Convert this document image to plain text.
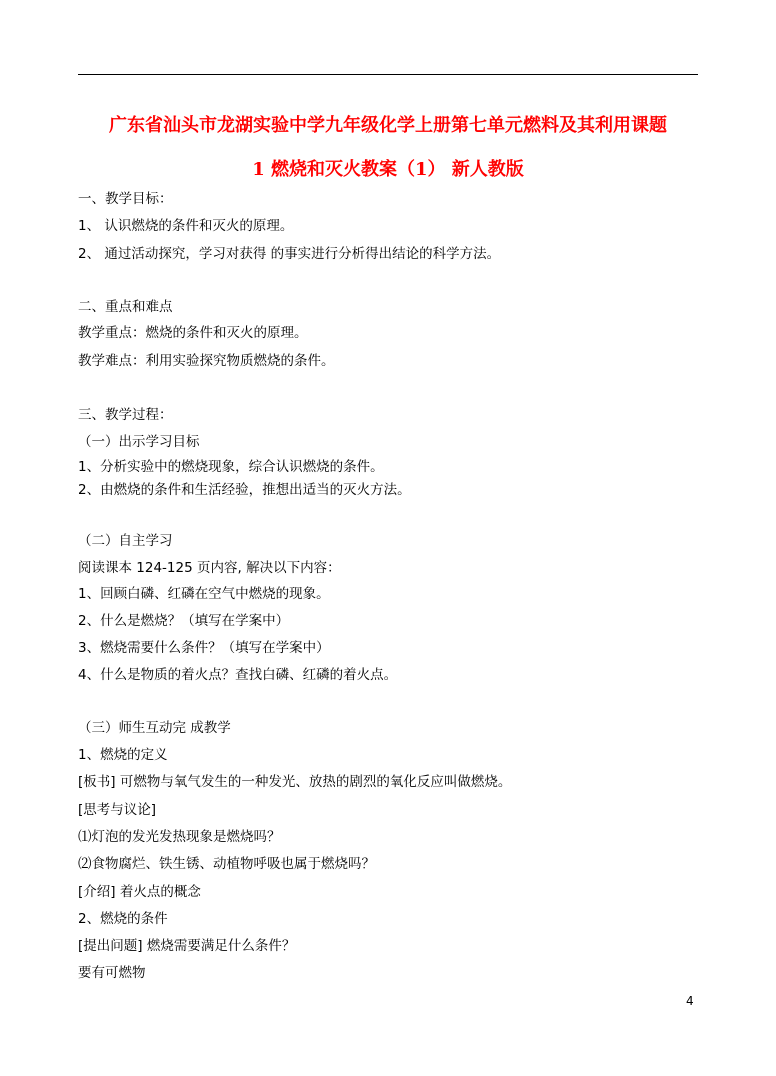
广东省汕头市龙湖实验中学九年级化学上册第七单元燃料及其利用课题
1 燃烧和灭火教案（1） 新人教版
一、教学目标：
1、 认识燃烧的条件和灭火的原理。
2、 通过活动探究，学习对获得 的事实进行分析得出结论的科学方法。
二、重点和难点
教学重点：燃烧的条件和灭火的原理。
教学难点：利用实验探究物质燃烧的条件。
三、教学过程：
（一）出示学习目标
1、分析实验中的燃烧现象，综合认识燃烧的条件。
2、由燃烧的条件和生活经验，推想出适当的灭火方法。
（二）自主学习
阅读课本 124-125 页内容, 解决以下内容：
1、回顾白磷、红磷在空气中燃烧的现象。
2、什么是燃烧？（填写在学案中）
3、燃烧需要什么条件？（填写在学案中）
4、什么是物质的着火点？查找白磷、红磷的着火点。
（三）师生互动完 成教学
1、燃烧的定义
[板书] 可燃物与氧气发生的一种发光、放热的剧烈的氧化反应叫做燃烧。
[思考与议论]
⑴灯泡的发光发热现象是燃烧吗？
⑵食物腐烂、铁生锈、动植物呼吸也属于燃烧吗？
[介绍] 着火点的概念
2、燃烧的条件
[提出问题] 燃烧需要满足什么条件？
要有可燃物
4
